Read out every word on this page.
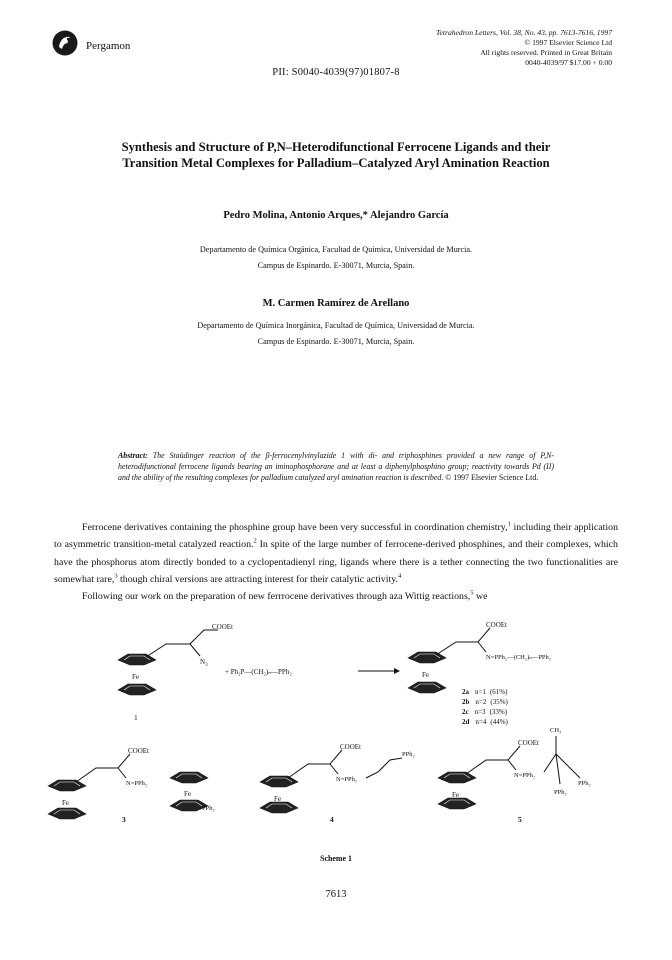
Pergamon
Tetrahedron Letters, Vol. 38, No. 43, pp. 7613-7616, 1997
© 1997 Elsevier Science Ltd
All rights reserved. Printed in Great Britain
0040-4039/97 $17.00 + 0.00
PII: S0040-4039(97)01807-8
Synthesis and Structure of P,N–Heterodifunctional Ferrocene Ligands and their
Transition Metal Complexes for Palladium–Catalyzed Aryl Amination Reaction
Pedro Molina, Antonio Arques,* Alejandro García
Departamento de Química Orgánica, Facultad de Química, Universidad de Murcia.
Campus de Espinardo. E-30071, Murcia, Spain.
M. Carmen Ramírez de Arellano
Departamento de Química Inorgánica, Facultad de Química, Universidad de Murcia.
Campus de Espinardo. E-30071, Murcia, Spain.
Abstract: The Staüdinger reaction of the β-ferrocenylvinylazide 1 with di- and triphosphines provided a new range of P,N-heterodifunctional ferrocene ligands bearing an iminophosphorane and at least a diphenylphosphino group; reactivity towards Pd (II) and the ability of the resulting complexes for palladium catalyzed aryl amination reaction is described. © 1997 Elsevier Science Ltd.

Ferrocene derivatives containing the phosphine group have been very successful in coordination chemistry,$^1$ including their application to asymmetric transition-metal catalyzed reaction.$^2$ In spite of the large number of ferrocene-derived phosphines, and their complexes, which have the phosphorus atom directly bonded to a cyclopentadienyl ring, ligands where there is a tether connecting the two functionalities are somewhat rare,$^3$ though chiral versions are attracting interest for their catalytic activity.$^4$

Following our work on the preparation of new ferrrocene derivatives through aza Wittig reactions,$^5$ we

Fe
COOEt
$N_3$
1
+ Ph₂P—(CH₂)ₙ—PPh₂	Fe
COOEt
N=PPh₂—(CH₂)ₙ—PPh₂
2a n=1 (61%)
2b n=2 (35%)
2c n=3 (33%)
2d n=4 (44%)
Fe
COOEt
N=PPh₂
Fe
PPh₂
3
Fe
COOEt
N=PPh₂
PPh₂
4
Fe
COOEt
N=PPh₂
CH₃
PPh₂
PPh₂
5
Scheme 1
7613
